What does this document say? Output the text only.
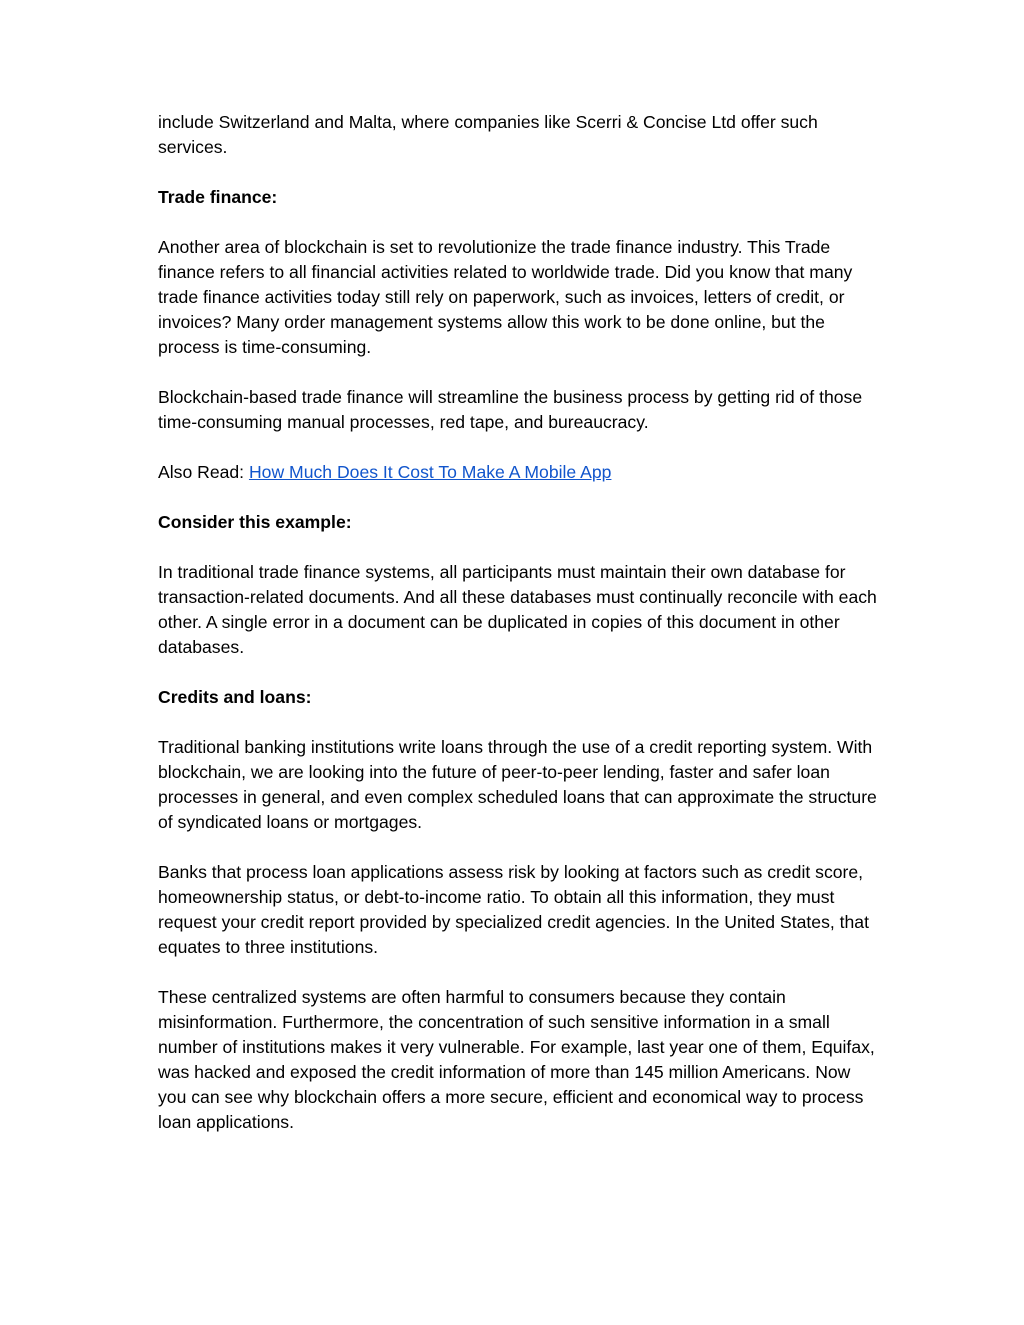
include Switzerland and Malta, where companies like Scerri & Concise Ltd offer such services.

Trade finance:

Another area of blockchain is set to revolutionize the trade finance industry. This Trade finance refers to all financial activities related to worldwide trade. Did you know that many trade finance activities today still rely on paperwork, such as invoices, letters of credit, or invoices? Many order management systems allow this work to be done online, but the process is time-consuming.

Blockchain-based trade finance will streamline the business process by getting rid of those time-consuming manual processes, red tape, and bureaucracy.

Also Read: How Much Does It Cost To Make A Mobile App

Consider this example:

In traditional trade finance systems, all participants must maintain their own database for transaction-related documents. And all these databases must continually reconcile with each other. A single error in a document can be duplicated in copies of this document in other databases.

Credits and loans:

Traditional banking institutions write loans through the use of a credit reporting system. With blockchain, we are looking into the future of peer-to-peer lending, faster and safer loan processes in general, and even complex scheduled loans that can approximate the structure of syndicated loans or mortgages.

Banks that process loan applications assess risk by looking at factors such as credit score, homeownership status, or debt-to-income ratio. To obtain all this information, they must request your credit report provided by specialized credit agencies. In the United States, that equates to three institutions.

These centralized systems are often harmful to consumers because they contain misinformation. Furthermore, the concentration of such sensitive information in a small number of institutions makes it very vulnerable. For example, last year one of them, Equifax, was hacked and exposed the credit information of more than 145 million Americans. Now you can see why blockchain offers a more secure, efficient and economical way to process loan applications.
